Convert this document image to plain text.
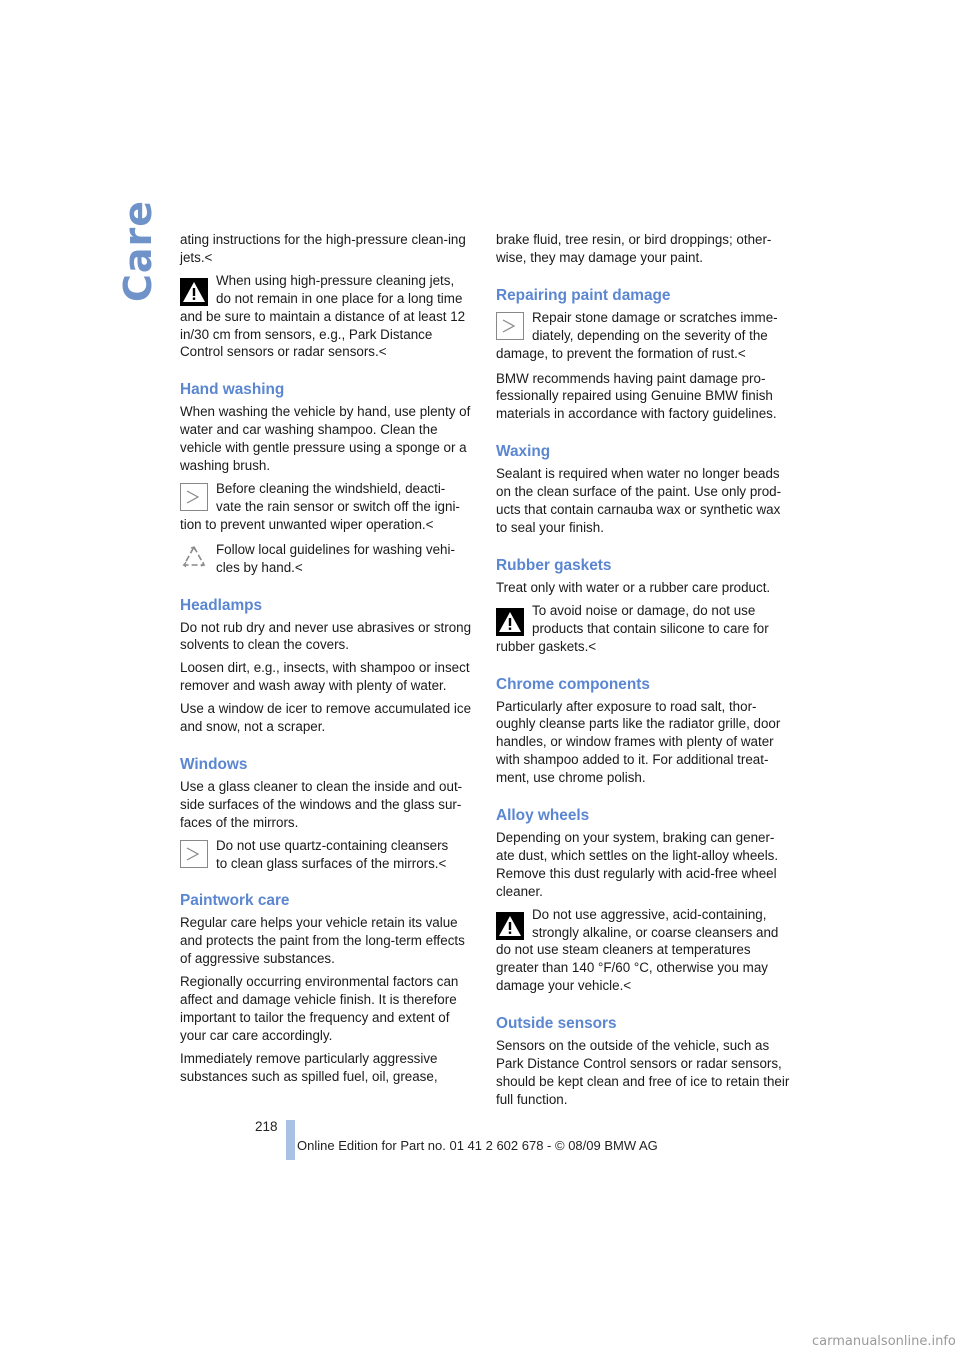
Care ating instructions for the high-pressure clean-ing jets.<

When using high-pressure cleaning jets,
do not remain in one place for a long time
and be sure to maintain a distance of at least 12 in/30 cm from sensors, e.g., Park Distance Control sensors or radar sensors.<

Hand washing

When washing the vehicle by hand, use plenty of water and car washing shampoo. Clean the vehicle with gentle pressure using a sponge or a washing brush.

Before cleaning the windshield, deacti-
vate the rain sensor or switch off the igni-
tion to prevent unwanted wiper operation.<

Follow local guidelines for washing vehi-
cles by hand.<

Headlamps

Do not rub dry and never use abrasives or strong solvents to clean the covers.

Loosen dirt, e.g., insects, with shampoo or insect remover and wash away with plenty of water.

Use a window de icer to remove accumulated ice and snow, not a scraper.

Windows

Use a glass cleaner to clean the inside and out-side surfaces of the windows and the glass sur-faces of the mirrors.

Do not use quartz-containing cleansers
to clean glass surfaces of the mirrors.<

Paintwork care

Regular care helps your vehicle retain its value and protects the paint from the long-term effects of aggressive substances.

Regionally occurring environmental factors can affect and damage vehicle finish. It is therefore important to tailor the frequency and extent of your car care accordingly.

Immediately remove particularly aggressive substances such as spilled fuel, oil, grease,

brake fluid, tree resin, or bird droppings; other-wise, they may damage your paint.

Repairing paint damage

Repair stone damage or scratches imme-
diately, depending on the severity of the
damage, to prevent the formation of rust.<

BMW recommends having paint damage pro-fessionally repaired using Genuine BMW finish materials in accordance with factory guidelines.

Waxing

Sealant is required when water no longer beads on the clean surface of the paint. Use only prod-ucts that contain carnauba wax or synthetic wax to seal your finish.

Rubber gaskets

Treat only with water or a rubber care product.

To avoid noise or damage, do not use
products that contain silicone to care for
rubber gaskets.<

Chrome components

Particularly after exposure to road salt, thor-oughly cleanse parts like the radiator grille, door handles, or window frames with plenty of water with shampoo added to it. For additional treat-ment, use chrome polish.

Alloy wheels

Depending on your system, braking can gener-ate dust, which settles on the light-alloy wheels. Remove this dust regularly with acid-free wheel cleaner.

Do not use aggressive, acid-containing,
strongly alkaline, or coarse cleansers and
do not use steam cleaners at temperatures greater than 140 °F/60 °C, otherwise you may damage your vehicle.<

Outside sensors

Sensors on the outside of the vehicle, such as Park Distance Control sensors or radar sensors, should be kept clean and free of ice to retain their full function.

218
Online Edition for Part no. 01 41 2 602 678 - © 08/09 BMW AG
carmanualsonline.info
